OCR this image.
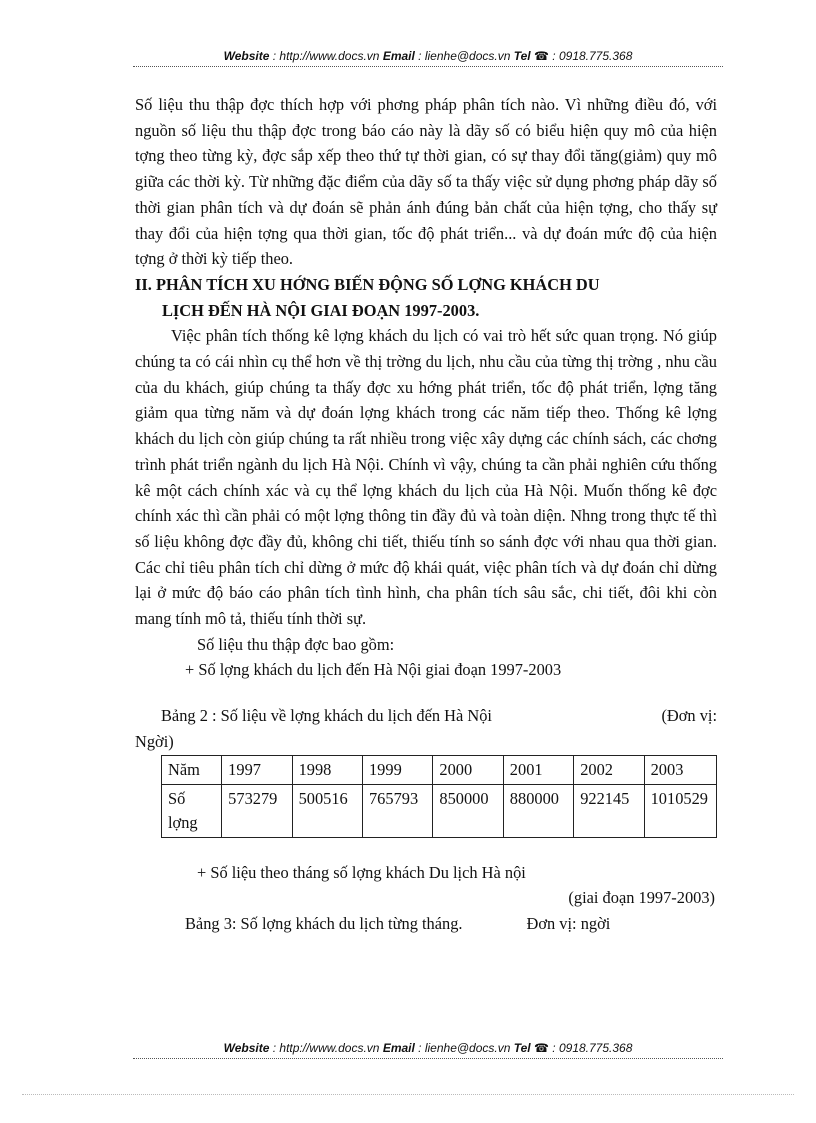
Website : http://www.docs.vn Email : lienhe@docs.vn Tel ☎ : 0918.775.368

Số liệu thu thập đợc thích hợp với phơng pháp phân tích nào. Vì những điều đó, với nguồn số liệu thu thập đợc trong báo cáo này là dãy số có biểu hiện quy mô của hiện tợng theo từng kỳ, đợc sắp xếp theo thứ tự thời gian, có sự thay đổi tăng(giảm) quy mô giữa các thời kỳ. Từ những đặc điểm của dãy số ta thấy việc sử dụng phơng pháp dãy số thời gian phân tích và dự đoán sẽ phản ánh đúng bản chất của hiện tợng, cho thấy sự thay đổi của hiện tợng qua thời gian, tốc độ phát triển... và dự đoán mức độ của hiện tợng ở thời kỳ tiếp theo.

II. PHÂN TÍCH XU HỚNG BIẾN ĐỘNG SỐ LỢNG KHÁCH DU
LỊCH ĐẾN HÀ NỘI GIAI ĐOẠN 1997-2003.

Việc phân tích thống kê lợng khách du lịch có vai trò hết sức quan trọng. Nó giúp chúng ta có cái nhìn cụ thể hơn về thị trờng du lịch, nhu cầu của từng thị trờng , nhu cầu của du khách, giúp chúng ta thấy đợc xu hớng phát triển, tốc độ phát triển, lợng tăng giảm qua từng năm và dự đoán lợng khách trong các năm tiếp theo. Thống kê lợng khách du lịch còn giúp chúng ta rất nhiều trong việc xây dựng các chính sách, các chơng trình phát triển ngành du lịch Hà Nội. Chính vì vậy, chúng ta cần phải nghiên cứu thống kê một cách chính xác và cụ thể lợng khách du lịch của Hà Nội. Muốn thống kê đợc chính xác thì cần phải có một lợng thông tin đầy đủ và toàn diện. Nhng trong thực tế thì số liệu không đợc đầy đủ, không chi tiết, thiếu tính so sánh đợc với nhau qua thời gian. Các chỉ tiêu phân tích chỉ dừng ở mức độ khái quát, việc phân tích và dự đoán chỉ dừng lại ở mức độ báo cáo phân tích tình hình, cha phân tích sâu sắc, chi tiết, đôi khi còn mang tính mô tả, thiếu tính thời sự.

Số liệu thu thập đợc bao gồm:

+ Số lợng khách du lịch đến Hà Nội giai đoạn 1997-2003

Bảng 2 : Số liệu về lợng khách du lịch đến Hà Nội	(Đơn vị:

Ngời)

Năm	1997	1998	1999	2000	2001	2002	2003
Số
lợng	573279	500516	765793	850000	880000	922145	1010529

+ Số liệu theo tháng số lợng khách Du lịch Hà nội

(giai đoạn 1997-2003)

Bảng 3: Số lợng khách du lịch từng tháng.	Đơn vị: ngời
Website : http://www.docs.vn Email : lienhe@docs.vn Tel ☎ : 0918.775.368
